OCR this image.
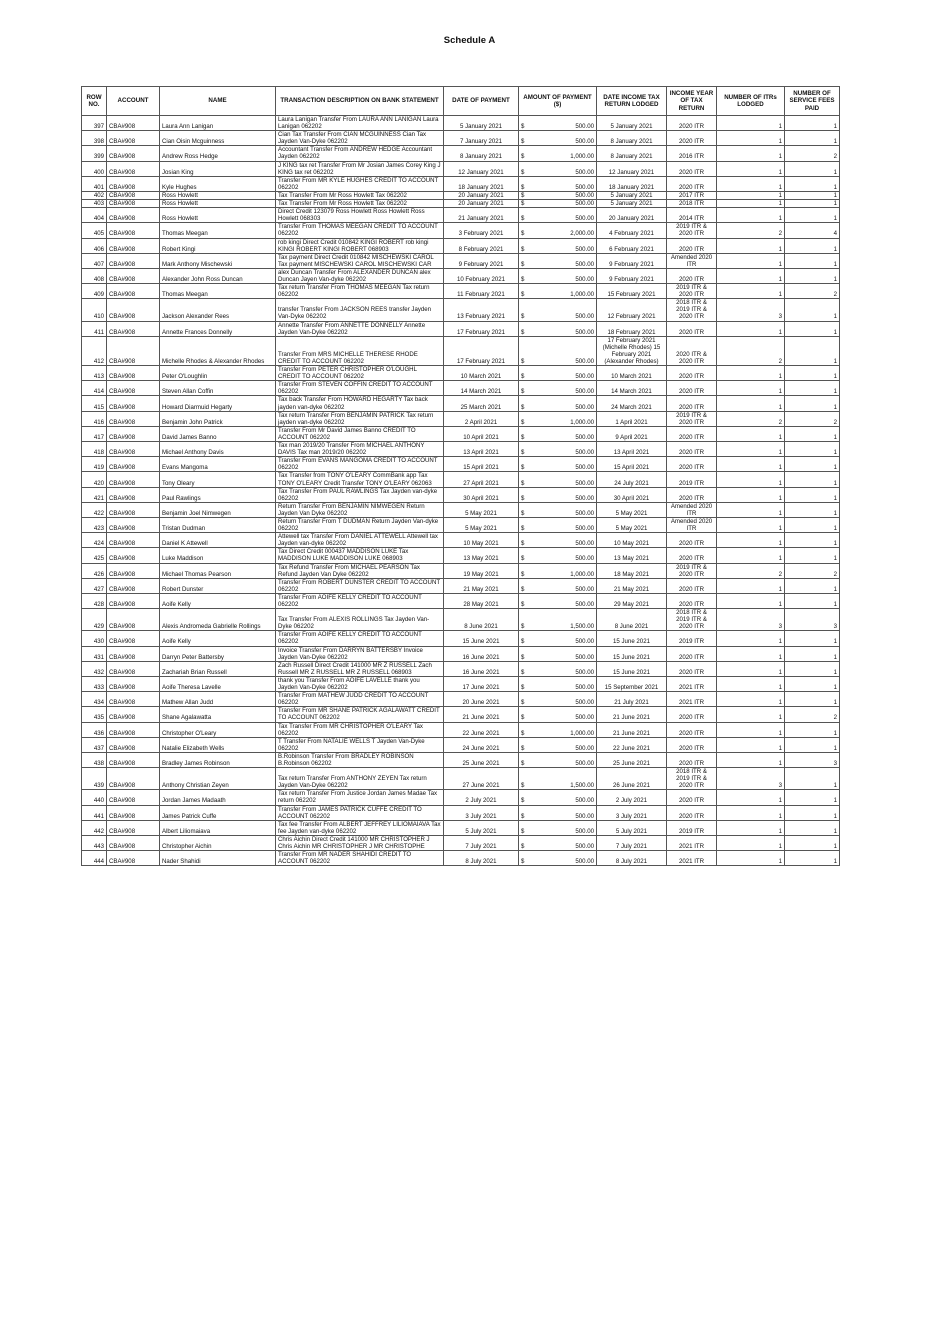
Schedule A
ROW NO.	ACCOUNT	NAME	TRANSACTION DESCRIPTION ON BANK STATEMENT	DATE OF PAYMENT	AMOUNT OF PAYMENT ($)	DATE INCOME TAX RETURN LODGED	INCOME YEAR OF TAX RETURN	NUMBER OF ITRs LODGED	NUMBER OF SERVICE FEES PAID
397	CBA#908	Laura Ann Lanigan	Laura Lanigan Transfer From LAURA ANN LANIGAN Laura Lanigan 062202	5 January 2021	$ 500.00	5 January 2021	2020 ITR	1	1
398	CBA#908	Cian Oisin Mcguinness	Cian Tax Transfer From CIAN MCGUINNESS Cian Tax Jayden Van-Dyke 062202	7 January 2021	$ 500.00	8 January 2021	2020 ITR	1	1
399	CBA#908	Andrew Ross Hedge	Accountant Transfer From ANDREW HEDGE Accountant Jayden 062202	8 January 2021	$ 1,000.00	8 January 2021	2016 ITR	1	2
400	CBA#908	Josian King	J KING tax ret Transfer From Mr Josian James Corey King J KING tax ret 062202	12 January 2021	$ 500.00	12 January 2021	2020 ITR	1	1
401	CBA#908	Kyle Hughes	Transfer From MR KYLE HUGHES CREDIT TO ACCOUNT 062202	18 January 2021	$ 500.00	18 January 2021	2020 ITR	1	1
402	CBA#908	Ross Howlett	Tax Transfer From Mr Ross Howlett Tax 062202	20 January 2021	$ 500.00	5 January 2021	2017 ITR	1	1
403	CBA#908	Ross Howlett	Tax Transfer From Mr Ross Howlett Tax 062202	20 January 2021	$ 500.00	5 January 2021	2018 ITR	1	1
404	CBA#908	Ross Howlett	Direct Credit 123079 Ross Howlett Ross Howlett Ross Howlett 068303	21 January 2021	$ 500.00	20 January 2021	2014 ITR	1	1
405	CBA#908	Thomas Meegan	Transfer From THOMAS MEEGAN CREDIT TO ACCOUNT 062202	3 February 2021	$ 2,000.00	4 February 2021	2019 ITR & 2020 ITR	2	4
406	CBA#908	Robert Kingi	rob kingi Direct Credit 010842 KINGI ROBERT rob kingi KINGI ROBERT KINGI ROBERT 068903	8 February 2021	$ 500.00	6 February 2021	2020 ITR	1	1
407	CBA#908	Mark Anthony Mischewski	Tax payment Direct Credit 010842 MISCHEWSKI CAROL Tax payment MISCHEWSKI CAROL MISCHEWSKI CAR	9 February 2021	$ 500.00	9 February 2021	Amended 2020 ITR	1	1
408	CBA#908	Alexander John Ross Duncan	alex Duncan Transfer From ALEXANDER DUNCAN alex Duncan Jayen Van-dyke 062202	10 February 2021	$ 500.00	9 February 2021	2020 ITR	1	1
409	CBA#908	Thomas Meegan	Tax return Transfer From THOMAS MEEGAN Tax return 062202	11 February 2021	$ 1,000.00	15 February 2021	2019 ITR & 2020 ITR	1	2
410	CBA#908	Jackson Alexander Rees	transfer Transfer From JACKSON REES transfer Jayden Van-Dyke 062202	13 February 2021	$ 500.00	12 February 2021	2018 ITR & 2019 ITR & 2020 ITR	3	1
411	CBA#908	Annette Frances Donnelly	Annette Transfer From ANNETTE DONNELLY Annette Jayden Van-Dyke 062202	17 February 2021	$ 500.00	18 February 2021	2020 ITR	1	1
412	CBA#908	Michelle Rhodes & Alexander Rhodes	Transfer From MRS MICHELLE THERESE RHODE CREDIT TO ACCOUNT 062202	17 February 2021	$ 500.00	17 February 2021 (Michelle Rhodes) 15 February 2021 (Alexander Rhodes)	2020 ITR & 2020 ITR	2	1
413	CBA#908	Peter O'Loughlin	Transfer From PETER CHRISTOPHER O'LOUGHL CREDIT TO ACCOUNT 062202	10 March 2021	$ 500.00	10 March 2021	2020 ITR	1	1
414	CBA#908	Steven Allan Coffin	Transfer From STEVEN COFFIN CREDIT TO ACCOUNT 062202	14 March 2021	$ 500.00	14 March 2021	2020 ITR	1	1
415	CBA#908	Howard Diarmuid Hegarty	Tax back Transfer From HOWARD HEGARTY Tax back jayden van-dyke 062202	25 March 2021	$ 500.00	24 March 2021	2020 ITR	1	1
416	CBA#908	Benjamin John Patrick	Tax return Transfer From BENJAMIN PATRICK Tax return jayden van-dyke 062202	2 April 2021	$ 1,000.00	1 April 2021	2019 ITR & 2020 ITR	2	2
417	CBA#908	David James Banno	Transfer From Mr David James Banno CREDIT TO ACCOUNT 062202	10 April 2021	$ 500.00	9 April 2021	2020 ITR	1	1
418	CBA#908	Michael Anthony Davis	Tax man 2019/20 Transfer From MICHAEL ANTHONY DAVIS Tax man 2019/20 062202	13 April 2021	$ 500.00	13 April 2021	2020 ITR	1	1
419	CBA#908	Evans Mangoma	Transfer From EVANS MANGOMA CREDIT TO ACCOUNT 062202	15 April 2021	$ 500.00	15 April 2021	2020 ITR	1	1
420	CBA#908	Tony Oleary	Tax Transfer from TONY O'LEARY CommBank app Tax TONY O'LEARY Credit Transfer TONY O'LEARY 062063	27 April 2021	$ 500.00	24 July 2021	2019 ITR	1	1
421	CBA#908	Paul Rawlings	Tax Transfer From PAUL RAWLINGS Tax Jayden van-dyke 062202	30 April 2021	$ 500.00	30 April 2021	2020 ITR	1	1
422	CBA#908	Benjamin Joel Nimwegen	Return Transfer From BENJAMIN NIMWEGEN Return Jayden Van Dyke 062202	5 May 2021	$ 500.00	5 May 2021	Amended 2020 ITR	1	1
423	CBA#908	Tristan Dudman	Return Transfer From T DUDMAN Return Jayden Van-dyke 062202	5 May 2021	$ 500.00	5 May 2021	Amended 2020 ITR	1	1
424	CBA#908	Daniel K Attewell	Attewell tax Transfer From DANIEL ATTEWELL Attewell tax Jayden van-dyke 062202	10 May 2021	$ 500.00	10 May 2021	2020 ITR	1	1
425	CBA#908	Luke Maddison	Tax Direct Credit 000437 MADDISON LUKE Tax MADDISON LUKE MADDISON LUKE 068903	13 May 2021	$ 500.00	13 May 2021	2020 ITR	1	1
426	CBA#908	Michael Thomas Pearson	Tax Refund Transfer From MICHAEL PEARSON Tax Refund Jayden Van Dyke 062202	19 May 2021	$ 1,000.00	18 May 2021	2019 ITR & 2020 ITR	2	2
427	CBA#908	Robert Dunster	Transfer From ROBERT DUNSTER CREDIT TO ACCOUNT 062202	21 May 2021	$ 500.00	21 May 2021	2020 ITR	1	1
428	CBA#908	Aoife Kelly	Transfer From AOIFE KELLY CREDIT TO ACCOUNT 062202	28 May 2021	$ 500.00	29 May 2021	2020 ITR	1	1
429	CBA#908	Alexis Andromeda Gabrielle Rollings	Tax Transfer From ALEXIS ROLLINGS Tax Jayden Van-Dyke 062202	8 June 2021	$ 1,500.00	8 June 2021	2018 ITR & 2019 ITR & 2020 ITR	3	3
430	CBA#908	Aoife Kelly	Transfer From AOIFE KELLY CREDIT TO ACCOUNT 062202	15 June 2021	$ 500.00	15 June 2021	2019 ITR	1	1
431	CBA#908	Darryn Peter Battersby	Invoice Transfer From DARRYN BATTERSBY Invoice Jayden Van-Dyke 062202	16 June 2021	$ 500.00	15 June 2021	2020 ITR	1	1
432	CBA#908	Zachariah Brian Russell	Zach Russell Direct Credit 141000 MR Z RUSSELL Zach Russell MR Z RUSSELL MR Z RUSSELL 068903	16 June 2021	$ 500.00	15 June 2021	2020 ITR	1	1
433	CBA#908	Aoife Theresa Lavelle	thank you Transfer From AOIFE LAVELLE thank you Jayden Van-Dyke 062202	17 June 2021	$ 500.00	15 September 2021	2021 ITR	1	1
434	CBA#908	Mathew Allan Judd	Transfer From MATHEW JUDD CREDIT TO ACCOUNT 062202	20 June 2021	$ 500.00	21 July 2021	2021 ITR	1	1
435	CBA#908	Shane Agalawatta	Transfer From MR SHANE PATRICK AGALAWATT CREDIT TO ACCOUNT 062202	21 June 2021	$ 500.00	21 June 2021	2020 ITR	1	2
436	CBA#908	Christopher O'Leary	Tax Transfer From MR CHRISTOPHER O'LEARY Tax 062202	22 June 2021	$ 1,000.00	21 June 2021	2020 ITR	1	1
437	CBA#908	Natalie Elizabeth Wells	T Transfer From NATALIE WELLS T Jayden Van-Dyke 062202	24 June 2021	$ 500.00	22 June 2021	2020 ITR	1	1
438	CBA#908	Bradley James Robinson	B.Robinson Transfer From BRADLEY ROBINSON B.Robinson 062202	25 June 2021	$ 500.00	25 June 2021	2020 ITR	1	3
439	CBA#908	Anthony Christian Zeyen	Tax return Transfer From ANTHONY ZEYEN Tax return Jayden Van-Dyke 062202	27 June 2021	$ 1,500.00	26 June 2021	2018 ITR & 2019 ITR & 2020 ITR	3	1
440	CBA#908	Jordan James Madaath	Tax return Transfer From Justice Jordan James Madae Tax return 062202	2 July 2021	$ 500.00	2 July 2021	2020 ITR	1	1
441	CBA#908	James Patrick Cuffe	Transfer From JAMES PATRICK CUFFE CREDIT TO ACCOUNT 062202	3 July 2021	$ 500.00	3 July 2021	2020 ITR	1	1
442	CBA#908	Albert Liliomaiava	Tax fee Transfer From ALBERT JEFFREY LILIOMAIAVA Tax fee Jayden van-dyke 062202	5 July 2021	$ 500.00	5 July 2021	2019 ITR	1	1
443	CBA#908	Christopher Aichin	Chris Aichin Direct Credit 141000 MR CHRISTOPHER J Chris Aichin MR CHRISTOPHER J MR CHRISTOPHE	7 July 2021	$ 500.00	7 July 2021	2021 ITR	1	1
444	CBA#908	Nader Shahidi	Transfer From MR NADER SHAHIDI CREDIT TO ACCOUNT 062202	8 July 2021	$ 500.00	8 July 2021	2021 ITR	1	1
